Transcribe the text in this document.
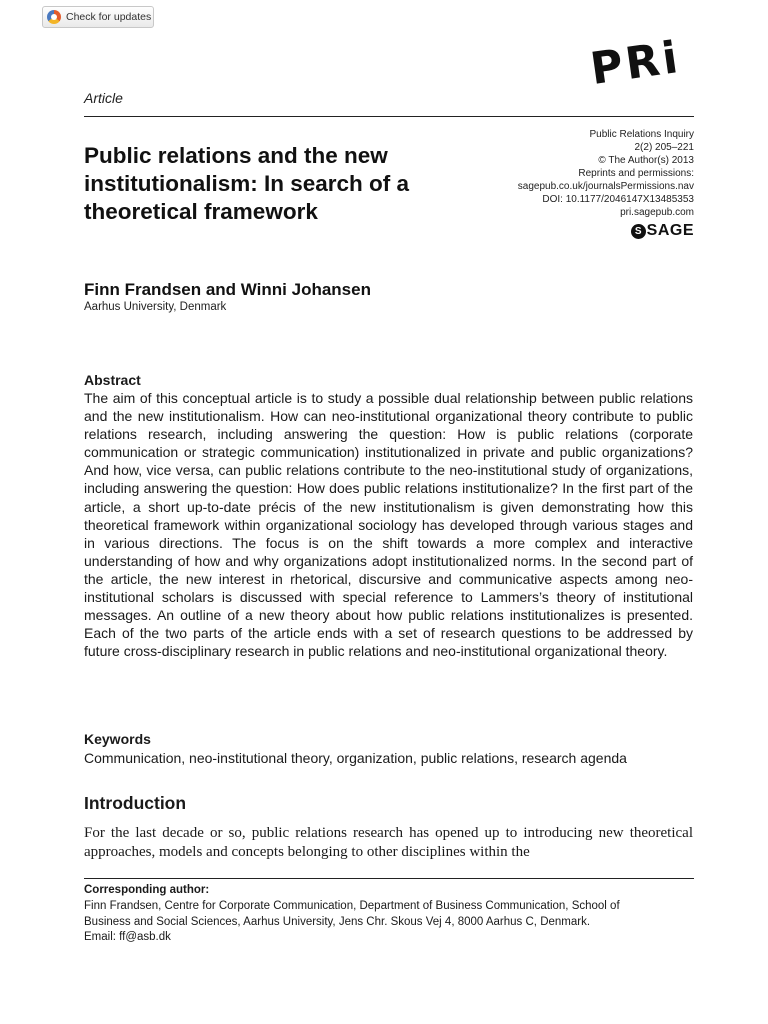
Check for updates
PRi
Article
Public relations and the new institutionalism: In search of a theoretical framework
Public Relations Inquiry
2(2) 205–221
© The Author(s) 2013
Reprints and permissions:
sagepub.co.uk/journalsPermissions.nav
DOI: 10.1177/2046147X13485353
pri.sagepub.com
S SAGE
Finn Frandsen and Winni Johansen
Aarhus University, Denmark
Abstract

The aim of this conceptual article is to study a possible dual relationship between public relations and the new institutionalism. How can neo-institutional organizational theory contribute to public relations research, including answering the question: How is public relations (corporate communication or strategic communication) institutionalized in private and public organizations? And how, vice versa, can public relations contribute to the neo-institutional study of organizations, including answering the question: How does public relations institutionalize? In the first part of the article, a short up-to-date précis of the new institutionalism is given demonstrating how this theoretical framework within organizational sociology has developed through various stages and in various directions. The focus is on the shift towards a more complex and interactive understanding of how and why organizations adopt institutionalized norms. In the second part of the article, the new interest in rhetorical, discursive and communicative aspects among neo-institutional scholars is discussed with special reference to Lammers’s theory of institutional messages. An outline of a new theory about how public relations institutionalizes is presented. Each of the two parts of the article ends with a set of research questions to be addressed by future cross-disciplinary research in public relations and neo-institutional organizational theory.

Keywords
Communication, neo-institutional theory, organization, public relations, research agenda
Introduction

For the last decade or so, public relations research has opened up to introducing new theoretical approaches, models and concepts belonging to other disciplines within the

Corresponding author:

Finn Frandsen, Centre for Corporate Communication, Department of Business Communication, School of
Business and Social Sciences, Aarhus University, Jens Chr. Skous Vej 4, 8000 Aarhus C, Denmark.
Email: ff@asb.dk
